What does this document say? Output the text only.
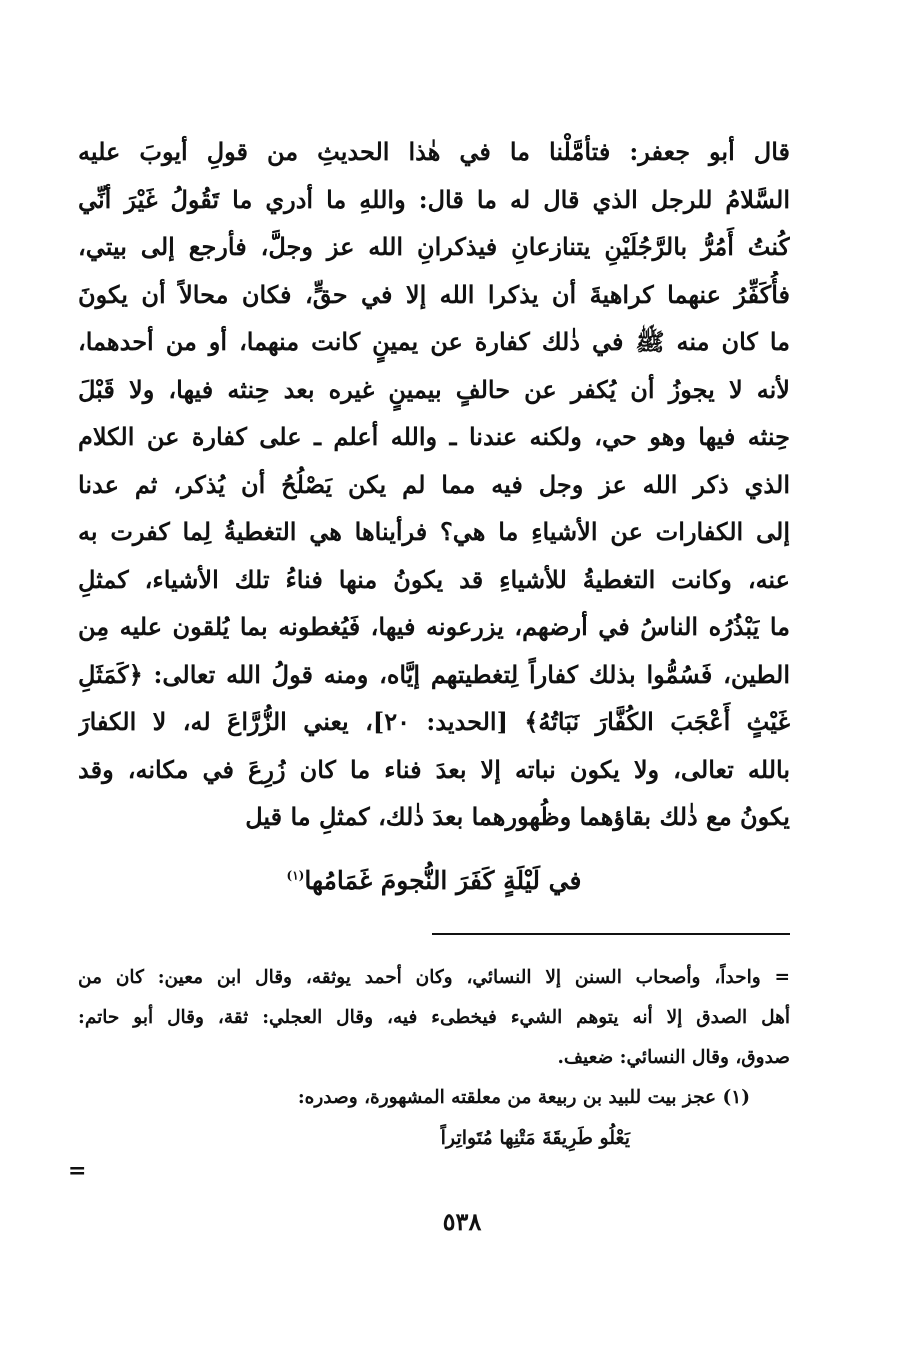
قال أبو جعفر: فتأمَّلْنا ما في هٰذا الحديثِ من قولِ أيوبَ عليه
السَّلامُ للرجل الذي قال له ما قال: واللهِ ما أدري ما تَقُولُ غَيْرَ أنِّي
كُنتُ أَمُرُّ بالرَّجُلَيْنِ يتنازعانِ فيذكرانِ الله عز وجلَّ، فأرجع إلى بيتي،
فأُكَفِّرُ عنهما كراهيةَ أن يذكرا الله إلا في حقٍّ، فكان محالاً أن يكونَ
ما كان منه ﷺ في ذٰلك كفارة عن يمينٍ كانت منهما، أو من أحدهما،
لأنه لا يجوزُ أن يُكفر عن حالفٍ بيمينٍ غيره بعد حِنثه فيها، ولا قَبْلَ
حِنثه فيها وهو حي، ولكنه عندنا ـ والله أعلم ـ على كفارة عن الكلام
الذي ذكر الله عز وجل فيه مما لم يكن يَصْلُحُ أن يُذكر، ثم عدنا
إلى الكفارات عن الأشياءِ ما هي؟ فرأيناها هي التغطيةُ لِما كفرت به
عنه، وكانت التغطيةُ للأشياءِ قد يكونُ منها فناءُ تلك الأشياء، كمثلِ
ما يَبْذُرُه الناسُ في أرضهم، يزرعونه فيها، فَيُغطونه بما يُلقون عليه مِن
الطين، فَسُمُّوا بذلك كفاراً لِتغطيتهم إيَّاه، ومنه قولُ الله تعالى: ﴿كَمَثَلِ
غَيْثٍ أَعْجَبَ الكُفَّارَ نَبَاتُهُ﴾ [الحديد: ٢٠]، يعني الزُّرَّاعَ له، لا الكفارَ
بالله تعالى، ولا يكون نباته إلا بعدَ فناء ما كان زُرِعَ في مكانه، وقد
يكونُ مع ذٰلك بقاؤهما وظُهورهما بعدَ ذٰلك، كمثلِ ما قيل
في لَيْلَةٍ كَفَرَ النُّجومَ غَمَامُها$^{(١)}$
= واحداً، وأصحاب السنن إلا النسائي، وكان أحمد يوثقه، وقال ابن معين: كان من
أهل الصدق إلا أنه يتوهم الشيء فيخطىء فيه، وقال العجلي: ثقة، وقال أبو حاتم:
صدوق، وقال النسائي: ضعيف.
(١) عجز بيت للبيد بن ربيعة من معلقته المشهورة، وصدره:
يَعْلُو طَرِيقَةَ مَتْنِها مُتَواتِراً
=
٥٣٨
